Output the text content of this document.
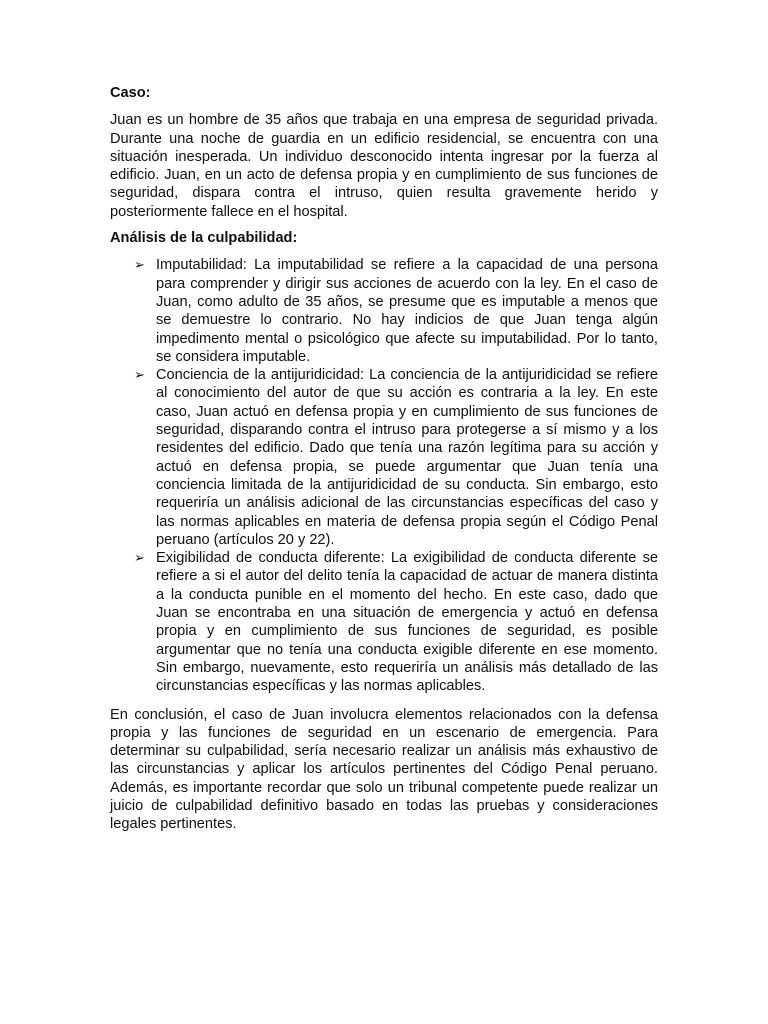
Caso:

Juan es un hombre de 35 años que trabaja en una empresa de seguridad privada. Durante una noche de guardia en un edificio residencial, se encuentra con una situación inesperada. Un individuo desconocido intenta ingresar por la fuerza al edificio. Juan, en un acto de defensa propia y en cumplimiento de sus funciones de seguridad, dispara contra el intruso, quien resulta gravemente herido y posteriormente fallece en el hospital.

Análisis de la culpabilidad:

➢ Imputabilidad: La imputabilidad se refiere a la capacidad de una persona para comprender y dirigir sus acciones de acuerdo con la ley. En el caso de Juan, como adulto de 35 años, se presume que es imputable a menos que se demuestre lo contrario. No hay indicios de que Juan tenga algún impedimento mental o psicológico que afecte su imputabilidad. Por lo tanto, se considera imputable.
➢ Conciencia de la antijuridicidad: La conciencia de la antijuridicidad se refiere al conocimiento del autor de que su acción es contraria a la ley. En este caso, Juan actuó en defensa propia y en cumplimiento de sus funciones de seguridad, disparando contra el intruso para protegerse a sí mismo y a los residentes del edificio. Dado que tenía una razón legítima para su acción y actuó en defensa propia, se puede argumentar que Juan tenía una conciencia limitada de la antijuridicidad de su conducta. Sin embargo, esto requeriría un análisis adicional de las circunstancias específicas del caso y las normas aplicables en materia de defensa propia según el Código Penal peruano (artículos 20 y 22).
➢ Exigibilidad de conducta diferente: La exigibilidad de conducta diferente se refiere a si el autor del delito tenía la capacidad de actuar de manera distinta a la conducta punible en el momento del hecho. En este caso, dado que Juan se encontraba en una situación de emergencia y actuó en defensa propia y en cumplimiento de sus funciones de seguridad, es posible argumentar que no tenía una conducta exigible diferente en ese momento. Sin embargo, nuevamente, esto requeriría un análisis más detallado de las circunstancias específicas y las normas aplicables.

En conclusión, el caso de Juan involucra elementos relacionados con la defensa propia y las funciones de seguridad en un escenario de emergencia. Para determinar su culpabilidad, sería necesario realizar un análisis más exhaustivo de las circunstancias y aplicar los artículos pertinentes del Código Penal peruano. Además, es importante recordar que solo un tribunal competente puede realizar un juicio de culpabilidad definitivo basado en todas las pruebas y consideraciones legales pertinentes.
